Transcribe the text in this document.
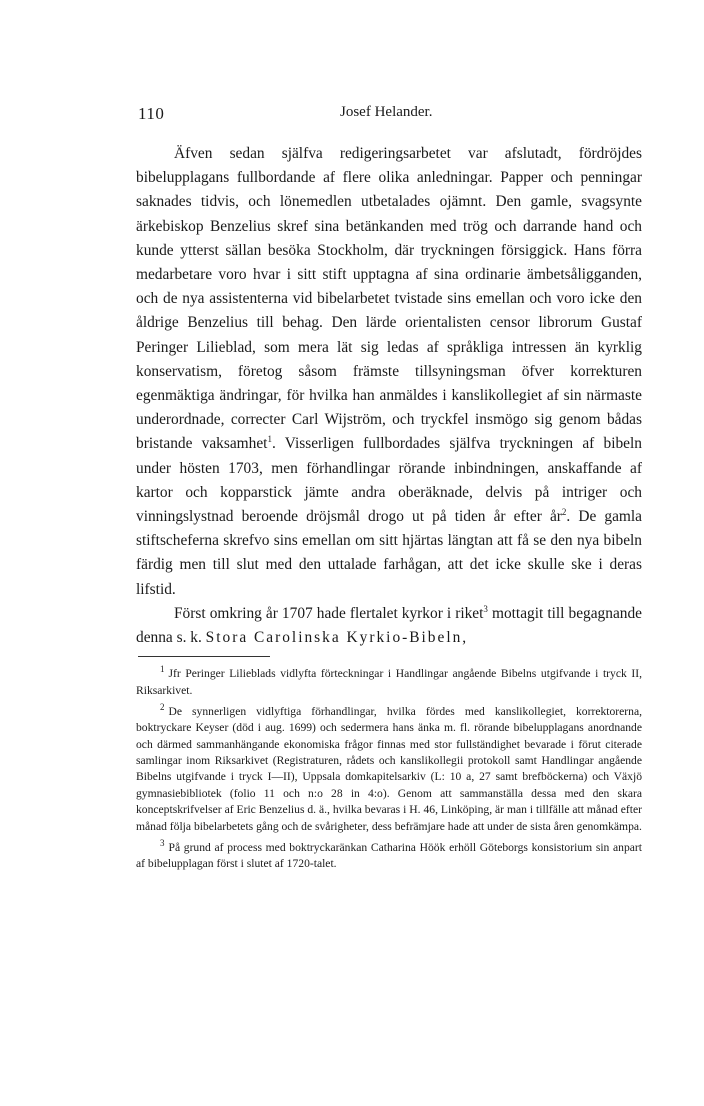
110	Josef Helander.

Äfven sedan själfva redigeringsarbetet var afslutadt, fördröjdes bibelupplagans fullbordande af flere olika anledningar. Papper och penningar saknades tidvis, och lönemedlen utbetalades ojämnt. Den gamle, svagsynte ärkebiskop Benzelius skref sina betänkanden med trög och darrande hand och kunde ytterst sällan besöka Stockholm, där tryckningen försiggick. Hans förra medarbetare voro hvar i sitt stift upptagna af sina ordinarie ämbetsåligganden, och de nya assistenterna vid bibelarbetet tvistade sins emellan och voro icke den åldrige Benzelius till behag. Den lärde orientalisten censor librorum Gustaf Peringer Lilieblad, som mera lät sig ledas af språkliga intressen än kyrklig konservatism, företog såsom främste tillsyningsman öfver korrekturen egenmäktiga ändringar, för hvilka han anmäldes i kanslikollegiet af sin närmaste underordnade, correcter Carl Wijström, och tryckfel insmögo sig genom bådas bristande vaksamhet$^1$. Visserligen fullbordades själfva tryckningen af bibeln under hösten 1703, men förhandlingar rörande inbindningen, anskaffande af kartor och kopparstick jämte andra oberäknade, delvis på intriger och vinningslystnad beroende dröjsmål drogo ut på tiden år efter $år^2$. De gamla stiftscheferna skrefvo sins emellan om sitt hjärtas längtan att få se den nya bibeln färdig men till slut med den uttalade farhågan, att det icke skulle ske i deras lifstid.

Först omkring år 1707 hade flertalet kyrkor i riket$^3$ mottagit till begagnande denna s. k. Stora Carolinska Kyrkio-Bibeln,

$^1$ Jfr Peringer Lilieblads vidlyfta förteckningar i Handlingar angående Bibelns utgifvande i tryck II, Riksarkivet.

$^2$ De synnerligen vidlyftiga förhandlingar, hvilka fördes med kanslikollegiet, korrektorerna, boktryckare Keyser (död i aug. 1699) och sedermera hans änka m. fl. rörande bibelupplagans anordnande och därmed sammanhängande ekonomiska frågor finnas med stor fullständighet bevarade i förut citerade samlingar inom Riksarkivet (Registraturen, rådets och kanslikollegii protokoll samt Handlingar angående Bibelns utgifvande i tryck I—II), Uppsala domkapitelsarkiv (L: 10 a, 27 samt brefböckerna) och Växjö gymnasiebibliotek (folio 11 och n:o 28 in 4:o). Genom att sammanställa dessa med den skara konceptskrifvelser af Eric Benzelius d. ä., hvilka bevaras i H. 46, Linköping, är man i tillfälle att månad efter månad följa bibelarbetets gång och de svårigheter, dess befrämjare hade att under de sista åren genomkämpa.

$^3$ På grund af process med boktryckaränkan Catharina Höök erhöll Göteborgs konsistorium sin anpart af bibelupplagan först i slutet af 1720-talet.
